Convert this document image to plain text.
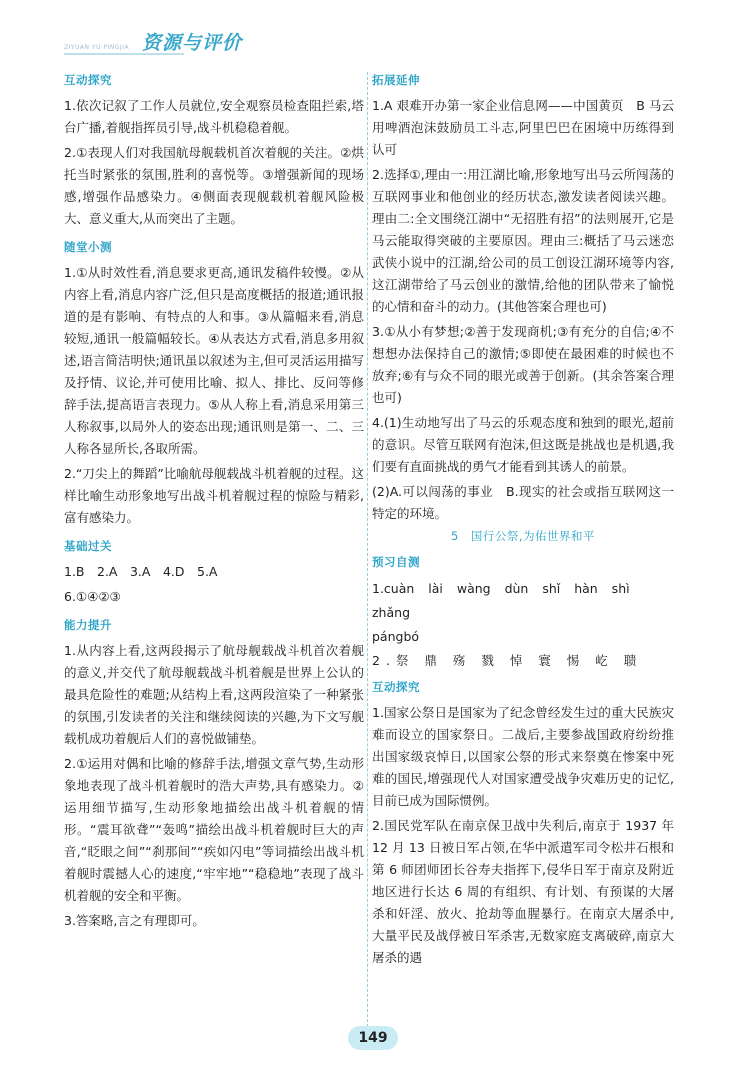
ZIYUAN YU PINGJIA 资源与评价
互动探究

1.依次记叙了工作人员就位,安全观察员检查阻拦索,塔台广播,着舰指挥员引导,战斗机稳稳着舰。

2.①表现人们对我国航母舰载机首次着舰的关注。②烘托当时紧张的氛围,胜利的喜悦等。③增强新闻的现场感,增强作品感染力。④侧面表现舰载机着舰风险极大、意义重大,从而突出了主题。

随堂小测

1.①从时效性看,消息要求更高,通讯发稿件较慢。②从内容上看,消息内容广泛,但只是高度概括的报道;通讯报道的是有影响、有特点的人和事。③从篇幅来看,消息较短,通讯一般篇幅较长。④从表达方式看,消息多用叙述,语言简洁明快;通讯虽以叙述为主,但可灵活运用描写及抒情、议论,并可使用比喻、拟人、排比、反问等修辞手法,提高语言表现力。⑤从人称上看,消息采用第三人称叙事,以局外人的姿态出现;通讯则是第一、二、三人称各显所长,各取所需。

2.“刀尖上的舞蹈”比喻航母舰载战斗机着舰的过程。这样比喻生动形象地写出战斗机着舰过程的惊险与精彩,富有感染力。

基础过关

1.B　2.A　3.A　4.D　5.A

6.①④②③

能力提升

1.从内容上看,这两段揭示了航母舰载战斗机首次着舰的意义,并交代了航母舰载战斗机着舰是世界上公认的最具危险性的难题;从结构上看,这两段渲染了一种紧张的氛围,引发读者的关注和继续阅读的兴趣,为下文写舰载机成功着舰后人们的喜悦做铺垫。

2.①运用对偶和比喻的修辞手法,增强文章气势,生动形象地表现了战斗机着舰时的浩大声势,具有感染力。②运用细节描写,生动形象地描绘出战斗机着舰的情形。“震耳欲聋”“轰鸣”描绘出战斗机着舰时巨大的声音,“眨眼之间”“刹那间”“疾如闪电”等词描绘出战斗机着舰时震撼人心的速度,“牢牢地”“稳稳地”表现了战斗机着舰的安全和平衡。

3.答案略,言之有理即可。

拓展延伸

1.A 艰难开办第一家企业信息网——中国黄页　B 马云用啤酒泡沫鼓励员工斗志,阿里巴巴在困境中历练得到认可

2.选择①,理由一:用江湖比喻,形象地写出马云所闯荡的互联网事业和他创业的经历状态,激发读者阅读兴趣。理由二:全文围绕江湖中“无招胜有招”的法则展开,它是马云能取得突破的主要原因。理由三:概括了马云迷恋武侠小说中的江湖,给公司的员工创设江湖环境等内容,这江湖带给了马云创业的激情,给他的团队带来了愉悦的心情和奋斗的动力。(其他答案合理也可)

3.①从小有梦想;②善于发现商机;③有充分的自信;④不想想办法保持自己的激情;⑤即使在最困难的时候也不放弃;⑥有与众不同的眼光或善于创新。(其余答案合理也可)

4.(1)生动地写出了马云的乐观态度和独到的眼光,超前的意识。尽管互联网有泡沫,但这既是挑战也是机遇,我们要有直面挑战的勇气才能看到其诱人的前景。

(2)A.可以闯荡的事业　B.现实的社会或指互联网这一特定的环境。

5　国行公祭,为佑世界和平
预习自测

1.cuàn lài wàng dùn shǐ hàn shì zhǎng

pángbó

2.祭 鼎 殇 戮 悼 寰 惕 屹 聩

互动探究

1.国家公祭日是国家为了纪念曾经发生过的重大民族灾难而设立的国家祭日。二战后,主要参战国政府纷纷推出国家级哀悼日,以国家公祭的形式来祭奠在惨案中死难的国民,增强现代人对国家遭受战争灾难历史的记忆,目前已成为国际惯例。

2.国民党军队在南京保卫战中失利后,南京于 1937 年 12 月 13 日被日军占领,在华中派遣军司令松井石根和第 6 师团师团长谷寿夫指挥下,侵华日军于南京及附近地区进行长达 6 周的有组织、有计划、有预谋的大屠杀和奸淫、放火、抢劫等血腥暴行。在南京大屠杀中,大量平民及战俘被日军杀害,无数家庭支离破碎,南京大屠杀的遇

149
